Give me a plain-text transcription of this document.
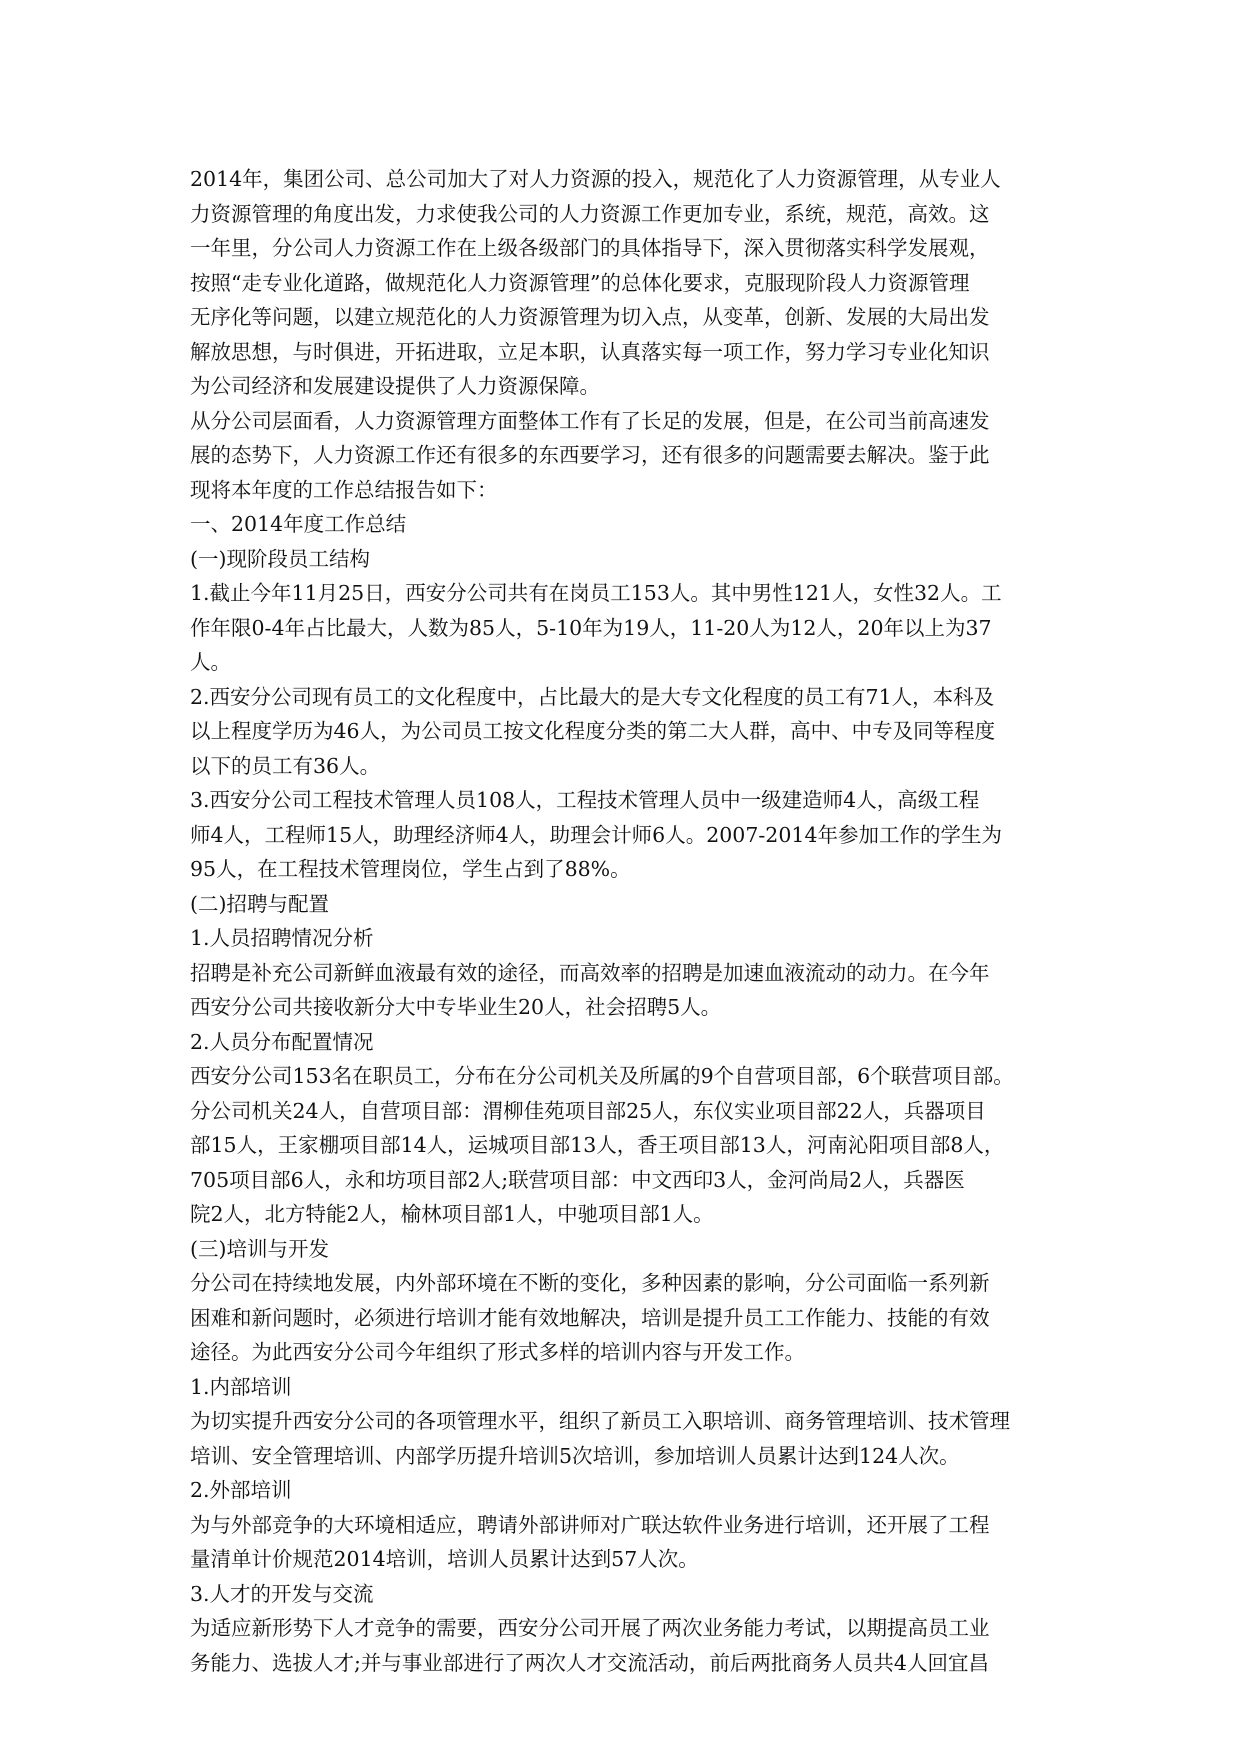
2014年，集团公司、总公司加大了对人力资源的投入，规范化了人力资源管理，从专业人
力资源管理的角度出发，力求使我公司的人力资源工作更加专业，系统，规范，高效。这
一年里，分公司人力资源工作在上级各级部门的具体指导下，深入贯彻落实科学发展观，
按照“走专业化道路，做规范化人力资源管理”的总体化要求，克服现阶段人力资源管理
无序化等问题，以建立规范化的人力资源管理为切入点，从变革，创新、发展的大局出发
解放思想，与时俱进，开拓进取，立足本职，认真落实每一项工作，努力学习专业化知识
为公司经济和发展建设提供了人力资源保障。
从分公司层面看，人力资源管理方面整体工作有了长足的发展，但是，在公司当前高速发
展的态势下，人力资源工作还有很多的东西要学习，还有很多的问题需要去解决。鉴于此
现将本年度的工作总结报告如下：
一、2014年度工作总结
(一)现阶段员工结构
1.截止今年11月25日，西安分公司共有在岗员工153人。其中男性121人，女性32人。工
作年限0-4年占比最大，人数为85人，5-10年为19人，11-20人为12人，20年以上为37
人。
2.西安分公司现有员工的文化程度中，占比最大的是大专文化程度的员工有71人，本科及
以上程度学历为46人，为公司员工按文化程度分类的第二大人群，高中、中专及同等程度
以下的员工有36人。
3.西安分公司工程技术管理人员108人，工程技术管理人员中一级建造师4人，高级工程
师4人，工程师15人，助理经济师4人，助理会计师6人。2007-2014年参加工作的学生为
95人，在工程技术管理岗位，学生占到了88%。
(二)招聘与配置
1.人员招聘情况分析
招聘是补充公司新鲜血液最有效的途径，而高效率的招聘是加速血液流动的动力。在今年
西安分公司共接收新分大中专毕业生20人，社会招聘5人。
2.人员分布配置情况
西安分公司153名在职员工，分布在分公司机关及所属的9个自营项目部，6个联营项目部。
分公司机关24人，自营项目部：渭柳佳苑项目部25人，东仪实业项目部22人，兵器项目
部15人，王家棚项目部14人，运城项目部13人，香王项目部13人，河南沁阳项目部8人，
705项目部6人，永和坊项目部2人;联营项目部：中文西印3人，金河尚局2人，兵器医
院2人，北方特能2人，榆林项目部1人，中驰项目部1人。
(三)培训与开发
分公司在持续地发展，内外部环境在不断的变化，多种因素的影响，分公司面临一系列新
困难和新问题时，必须进行培训才能有效地解决，培训是提升员工工作能力、技能的有效
途径。为此西安分公司今年组织了形式多样的培训内容与开发工作。
1.内部培训
为切实提升西安分公司的各项管理水平，组织了新员工入职培训、商务管理培训、技术管理
培训、安全管理培训、内部学历提升培训5次培训，参加培训人员累计达到124人次。
2.外部培训
为与外部竞争的大环境相适应，聘请外部讲师对广联达软件业务进行培训，还开展了工程
量清单计价规范2014培训，培训人员累计达到57人次。
3.人才的开发与交流
为适应新形势下人才竞争的需要，西安分公司开展了两次业务能力考试，以期提高员工业
务能力、选拔人才;并与事业部进行了两次人才交流活动，前后两批商务人员共4人回宜昌
